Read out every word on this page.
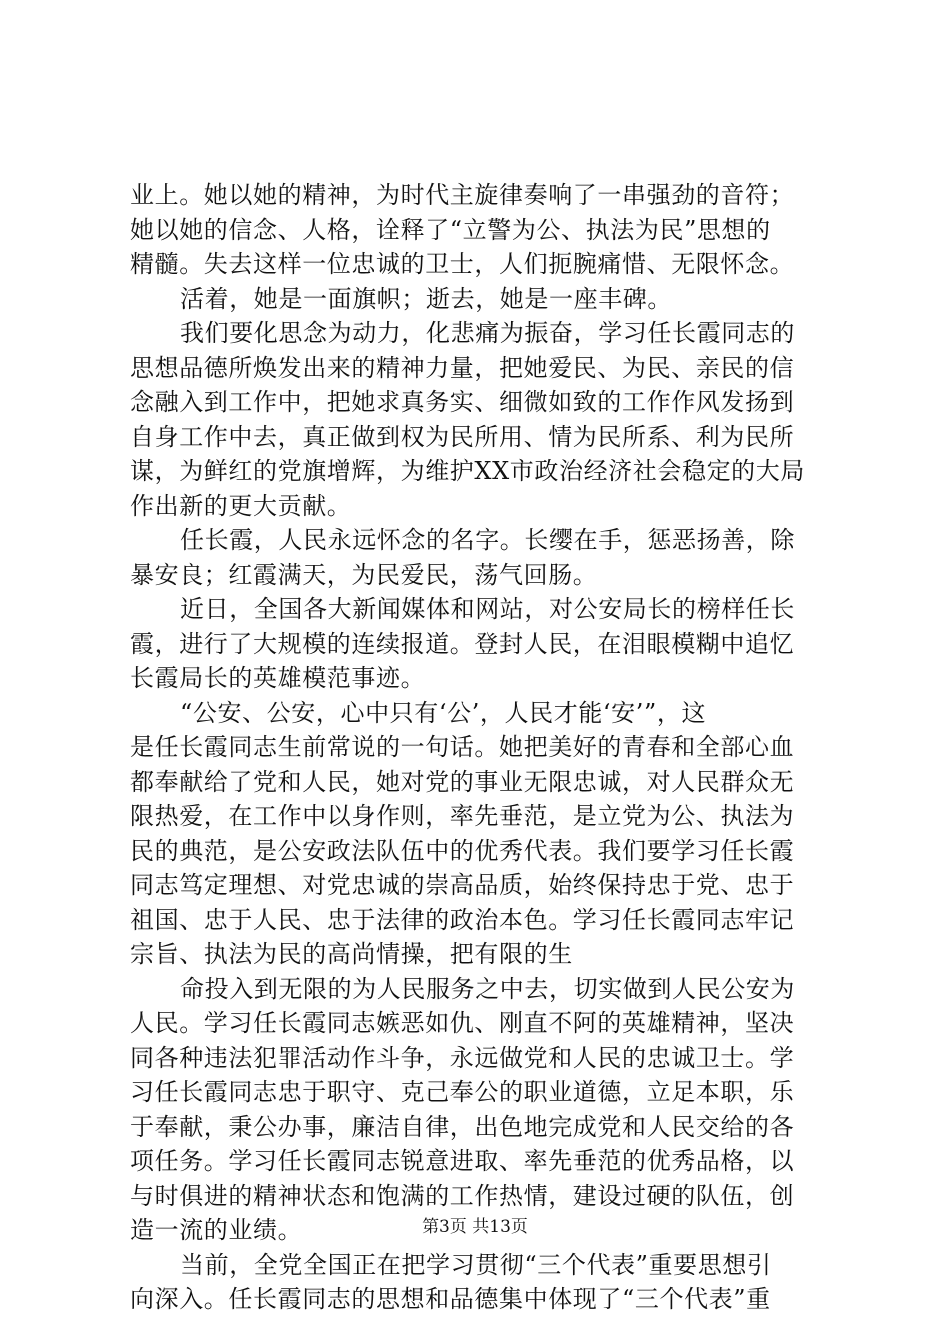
业上。她以她的精神，为时代主旋律奏响了一串强劲的音符；
她以她的信念、人格，诠释了“立警为公、执法为民”思想的
精髓。失去这样一位忠诚的卫士，人们扼腕痛惜、无限怀念。
活着，她是一面旗帜；逝去，她是一座丰碑。
我们要化思念为动力，化悲痛为振奋，学习任长霞同志的
思想品德所焕发出来的精神力量，把她爱民、为民、亲民的信
念融入到工作中，把她求真务实、细微如致的工作作风发扬到
自身工作中去，真正做到权为民所用、情为民所系、利为民所
谋，为鲜红的党旗增辉，为维护XX市政治经济社会稳定的大局
作出新的更大贡献。
任长霞，人民永远怀念的名字。长缨在手，惩恶扬善，除
暴安良；红霞满天，为民爱民，荡气回肠。
近日，全国各大新闻媒体和网站，对公安局长的榜样任长
霞，进行了大规模的连续报道。登封人民，在泪眼模糊中追忆
长霞局长的英雄模范事迹。
“公安、公安，心中只有‘公’，人民才能‘安’”，这
是任长霞同志生前常说的一句话。她把美好的青春和全部心血
都奉献给了党和人民，她对党的事业无限忠诚，对人民群众无
限热爱，在工作中以身作则，率先垂范，是立党为公、执法为
民的典范，是公安政法队伍中的优秀代表。我们要学习任长霞
同志笃定理想、对党忠诚的崇高品质，始终保持忠于党、忠于
祖国、忠于人民、忠于法律的政治本色。学习任长霞同志牢记
宗旨、执法为民的高尚情操，把有限的生
命投入到无限的为人民服务之中去，切实做到人民公安为
人民。学习任长霞同志嫉恶如仇、刚直不阿的英雄精神，坚决
同各种违法犯罪活动作斗争，永远做党和人民的忠诚卫士。学
习任长霞同志忠于职守、克己奉公的职业道德，立足本职，乐
于奉献，秉公办事，廉洁自律，出色地完成党和人民交给的各
项任务。学习任长霞同志锐意进取、率先垂范的优秀品格，以
与时俱进的精神状态和饱满的工作热情，建设过硬的队伍，创
造一流的业绩。
当前，全党全国正在把学习贯彻“三个代表”重要思想引
向深入。任长霞同志的思想和品德集中体现了“三个代表”重
第3页 共13页
